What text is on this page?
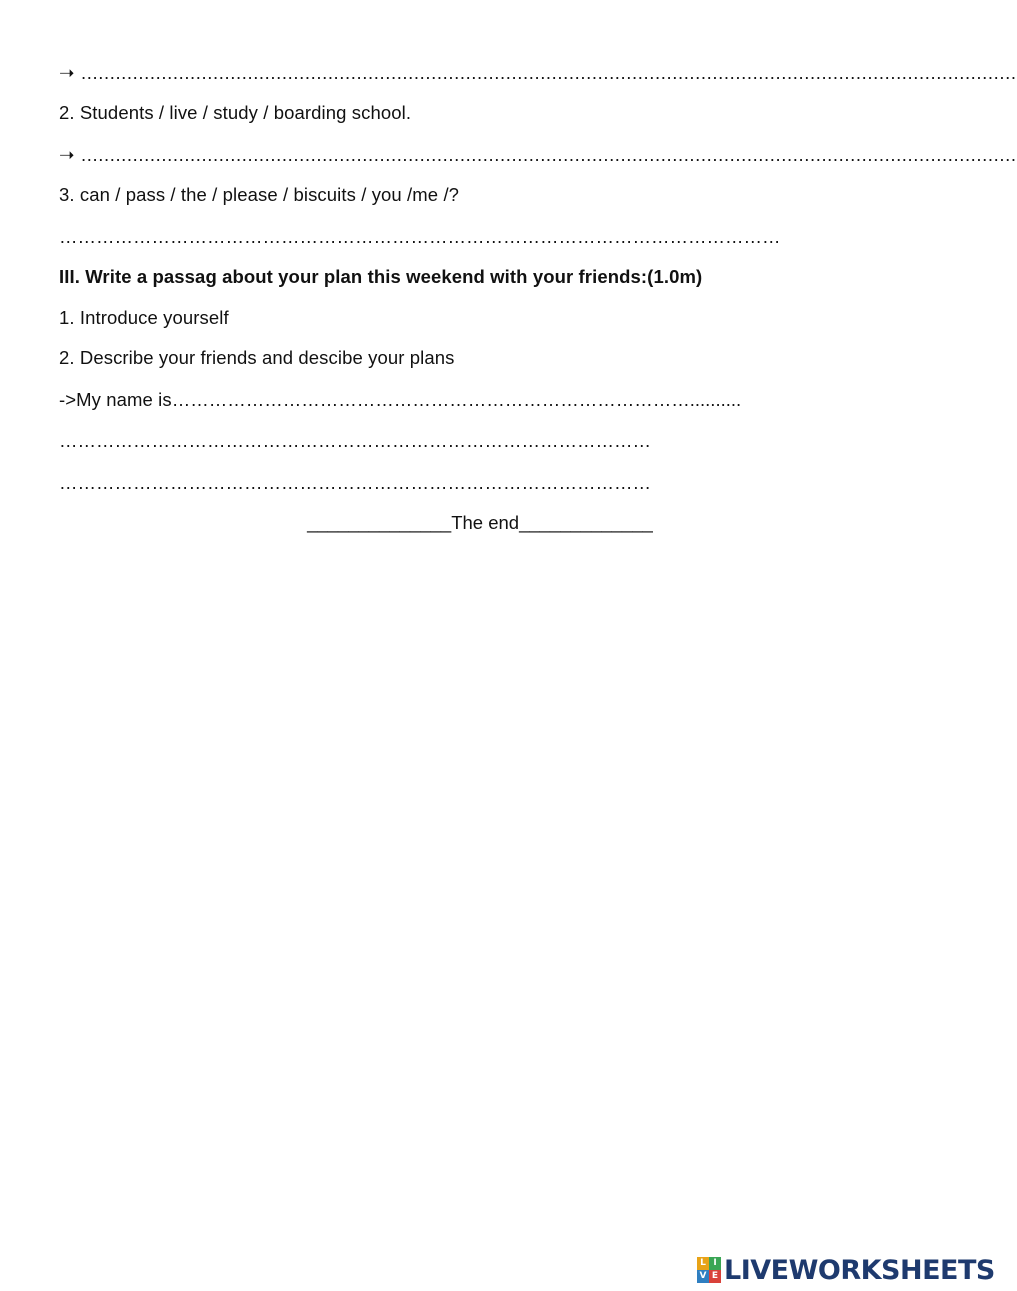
➝ ...................................................................................................................................................................
2. Students / live / study / boarding school.
➝ ...................................................................................................................................................................
3. can / pass / the / please / biscuits / you /me /?
………………………………………………………………………………………………………
III. Write a passag about your plan this weekend with your friends:(1.0m)
1. Introduce yourself
2. Describe your friends and descibe your plans
->My name is…………………………………………………………………………..........
……………………………………………………………………………………
……………………………………………………………………………………
______________The end_____________
L I
V E LIVEWORKSHEETS
